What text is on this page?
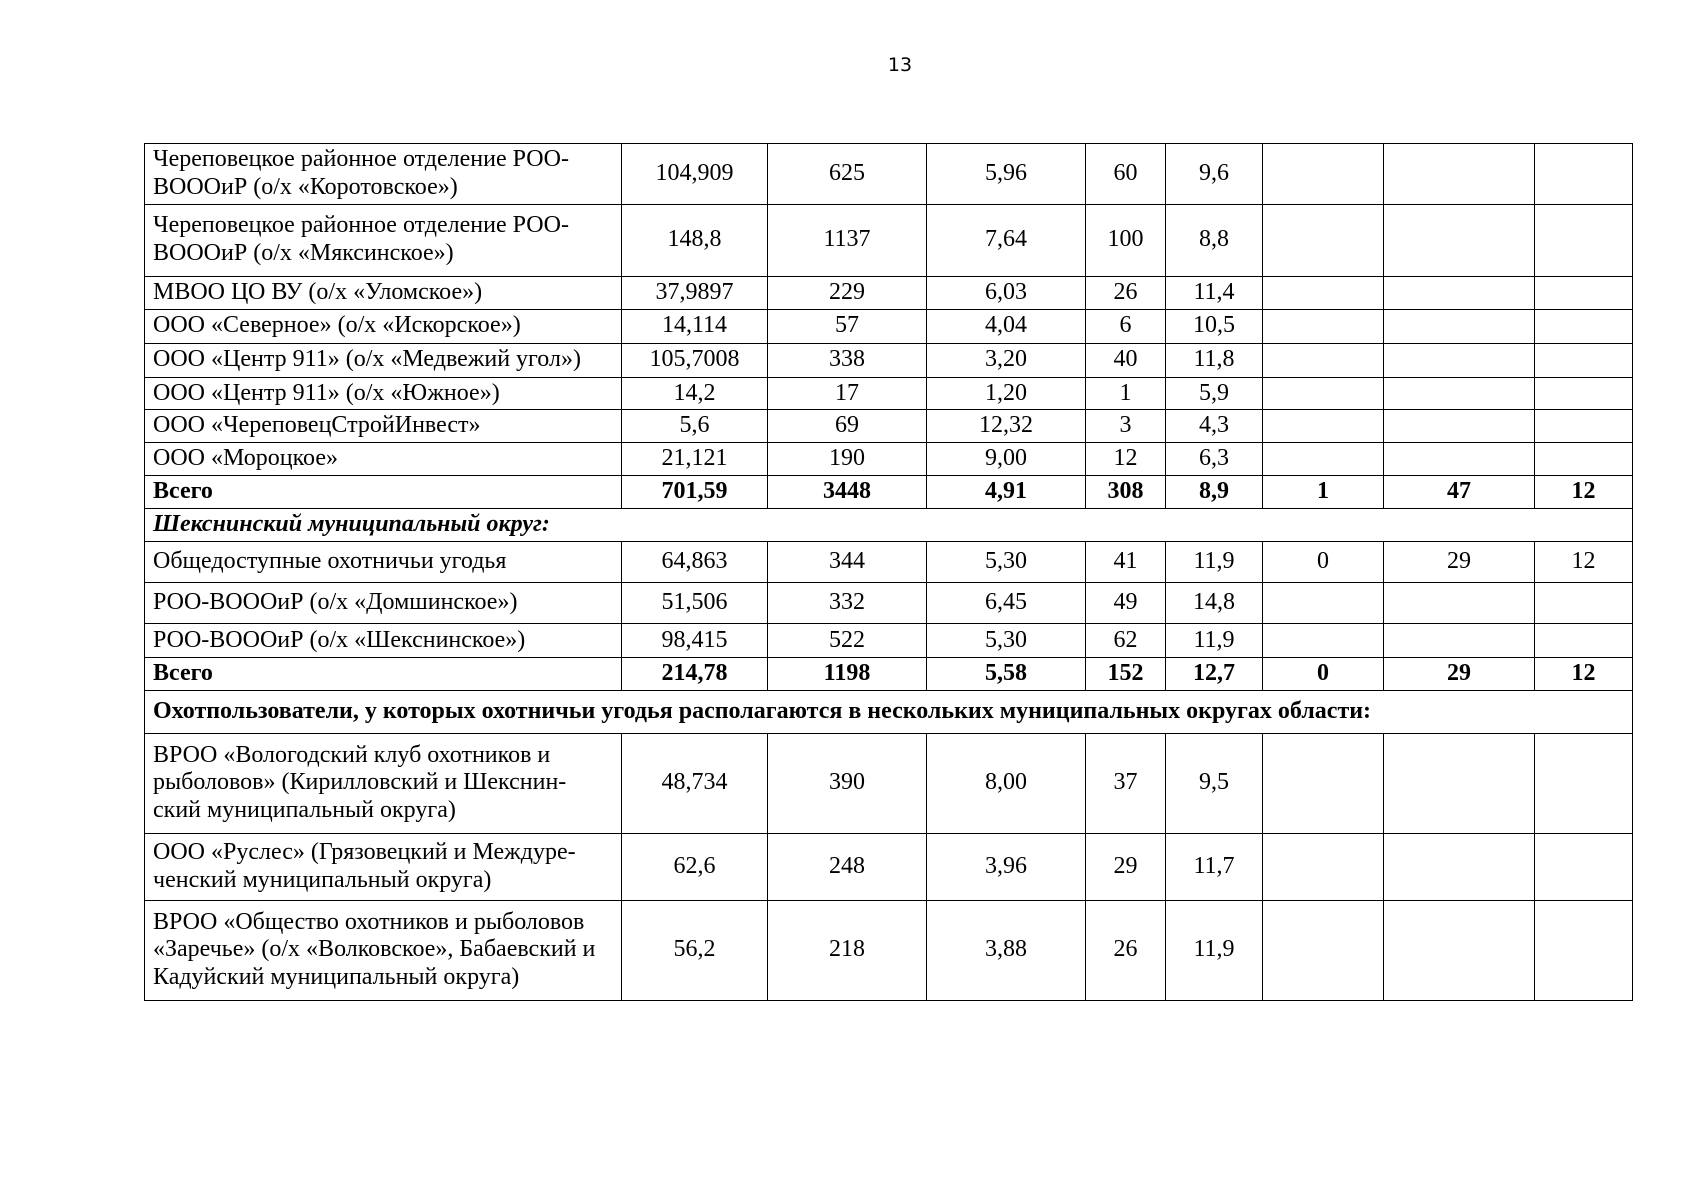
13
Череповецкое районное отделение РОО-ВОООиР (о/х «Коротовское»)	104,909	625	5,96	60	9,6			
Череповецкое районное отделение РОО-ВОООиР (о/х «Мяксинское»)	148,8	1137	7,64	100	8,8			
МВОО ЦО ВУ (о/х «Уломское»)	37,9897	229	6,03	26	11,4			
ООО «Северное» (о/х «Искорское»)	14,114	57	4,04	6	10,5			
ООО «Центр 911» (о/х «Медвежий угол»)	105,7008	338	3,20	40	11,8			
ООО «Центр 911» (о/х «Южное»)	14,2	17	1,20	1	5,9			
ООО «ЧереповецСтройИнвест»	5,6	69	12,32	3	4,3			
ООО «Мороцкое»	21,121	190	9,00	12	6,3			
Всего	701,59	3448	4,91	308	8,9	1	47	12
Шекснинский муниципальный округ:								
Общедоступные охотничьи угодья	64,863	344	5,30	41	11,9	0	29	12
РОО-ВОООиР (о/х «Домшинское»)	51,506	332	6,45	49	14,8			
РОО-ВОООиР (о/х «Шекснинское»)	98,415	522	5,30	62	11,9			
Всего	214,78	1198	5,58	152	12,7	0	29	12
Охотпользователи, у которых охотничьи угодья располагаются в нескольких муниципальных округах области:								
ВРОО «Вологодский клуб охотников и рыболовов» (Кирилловский и Шекснин-ский муниципальный округа)	48,734	390	8,00	37	9,5			
ООО «Руслес» (Грязовецкий и Междуре-ченский муниципальный округа)	62,6	248	3,96	29	11,7			
ВРОО «Общество охотников и рыболовов «Заречье» (о/х «Волковское», Бабаевский и Кадуйский муниципальный округа)	56,2	218	3,88	26	11,9			
